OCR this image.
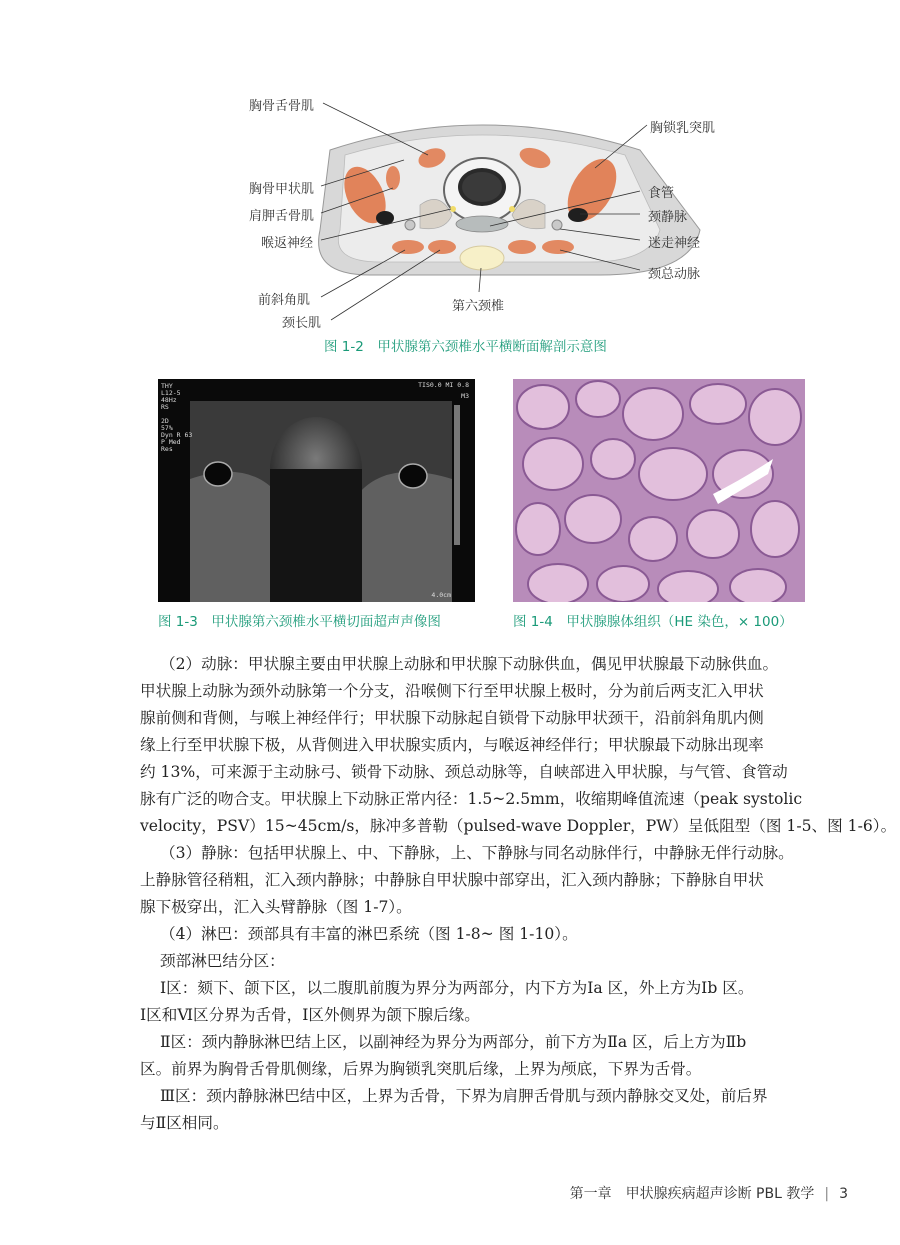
胸骨舌骨肌
胸骨甲状肌
肩胛舌骨肌
喉返神经
前斜角肌
颈长肌
胸锁乳突肌
食管
颈静脉
迷走神经
颈总动脉
第六颈椎
图 1-2　甲状腺第六颈椎水平横断面解剖示意图
THY
L12-5
48Hz
RS

2D
57%
Dyn R 63
P Med
Res
TIS0.0 MI 0.8
M3
4.0cm
图 1-3　甲状腺第六颈椎水平横切面超声声像图	图 1-4　甲状腺腺体组织（HE 染色，× 100）
（2）动脉：甲状腺主要由甲状腺上动脉和甲状腺下动脉供血，偶见甲状腺最下动脉供血。
甲状腺上动脉为颈外动脉第一个分支，沿喉侧下行至甲状腺上极时，分为前后两支汇入甲状
腺前侧和背侧，与喉上神经伴行；甲状腺下动脉起自锁骨下动脉甲状颈干，沿前斜角肌内侧
缘上行至甲状腺下极，从背侧进入甲状腺实质内，与喉返神经伴行；甲状腺最下动脉出现率
约 13%，可来源于主动脉弓、锁骨下动脉、颈总动脉等，自峡部进入甲状腺，与气管、食管动
脉有广泛的吻合支。甲状腺上下动脉正常内径：1.5~2.5mm，收缩期峰值流速（peak systolic
velocity，PSV）15~45cm/s，脉冲多普勒（pulsed-wave Doppler，PW）呈低阻型（图 1-5、图 1-6）。
（3）静脉：包括甲状腺上、中、下静脉，上、下静脉与同名动脉伴行，中静脉无伴行动脉。
上静脉管径稍粗，汇入颈内静脉；中静脉自甲状腺中部穿出，汇入颈内静脉；下静脉自甲状
腺下极穿出，汇入头臂静脉（图 1-7）。
（4）淋巴：颈部具有丰富的淋巴系统（图 1-8~ 图 1-10）。
颈部淋巴结分区：
Ⅰ区：颏下、颌下区，以二腹肌前腹为界分为两部分，内下方为Ⅰa 区，外上方为Ⅰb 区。
Ⅰ区和Ⅵ区分界为舌骨，Ⅰ区外侧界为颌下腺后缘。
Ⅱ区：颈内静脉淋巴结上区，以副神经为界分为两部分，前下方为Ⅱa 区，后上方为Ⅱb
区。前界为胸骨舌骨肌侧缘，后界为胸锁乳突肌后缘，上界为颅底，下界为舌骨。
Ⅲ区：颈内静脉淋巴结中区，上界为舌骨，下界为肩胛舌骨肌与颈内静脉交叉处，前后界
与Ⅱ区相同。
第一章　甲状腺疾病超声诊断 PBL 教学 | 3
